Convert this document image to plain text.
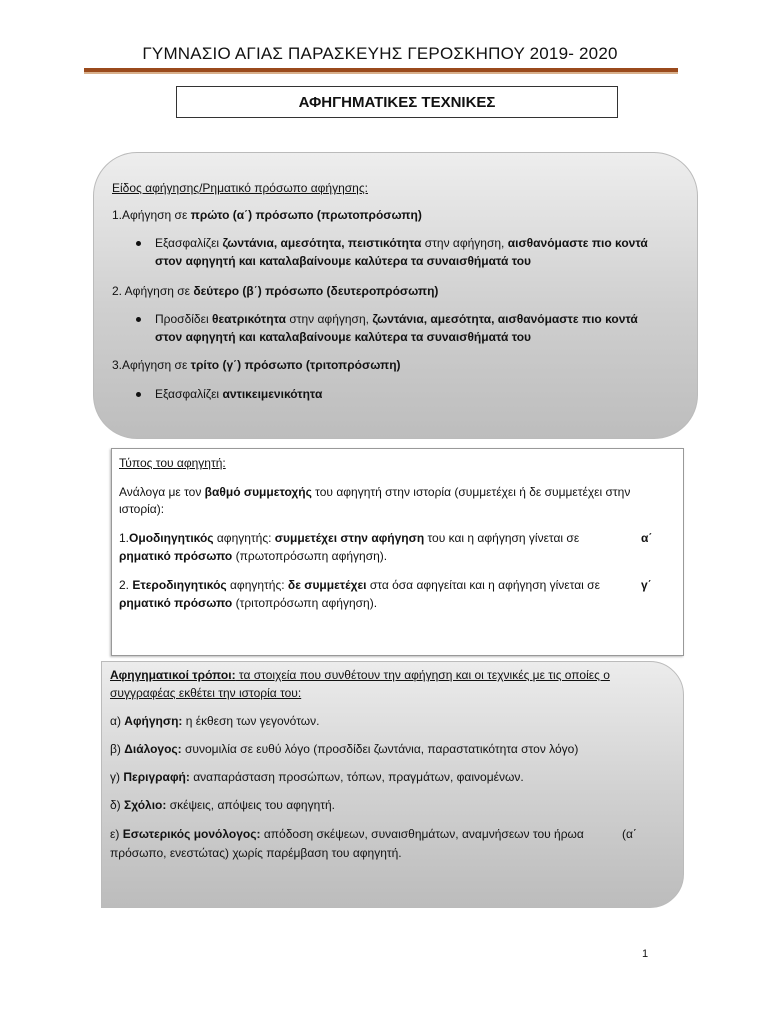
ΓΥΜΝΑΣΙΟ ΑΓΙΑΣ ΠΑΡΑΣΚΕΥΗΣ ΓΕΡΟΣΚΗΠΟΥ 2019- 2020
ΑΦΗΓΗΜΑΤΙΚΕΣ ΤΕΧΝΙΚΕΣ
Είδος αφήγησης/Ρηματικό πρόσωπο αφήγησης:
1.Αφήγηση σε πρώτο (α΄) πρόσωπο (πρωτοπρόσωπη)
Εξασφαλίζει ζωντάνια, αμεσότητα, πειστικότητα στην αφήγηση, αισθανόμαστε πιο κοντά
στον αφηγητή και καταλαβαίνουμε καλύτερα τα συναισθήματά του
2. Αφήγηση σε δεύτερο (β΄) πρόσωπο (δευτεροπρόσωπη)
Προσδίδει θεατρικότητα στην αφήγηση, ζωντάνια, αμεσότητα, αισθανόμαστε πιο κοντά
στον αφηγητή και καταλαβαίνουμε καλύτερα τα συναισθήματά του
3.Αφήγηση σε τρίτο (γ΄) πρόσωπο (τριτοπρόσωπη)
Εξασφαλίζει αντικειμενικότητα
Τύπος του αφηγητή:
Ανάλογα με τον βαθμό συμμετοχής του αφηγητή στην ιστορία (συμμετέχει ή δε συμμετέχει στην
ιστορία):
1.Ομοδιηγητικός αφηγητής: συμμετέχει στην αφήγηση του και η αφήγηση γίνεται σε	α΄
ρηματικό πρόσωπο (πρωτοπρόσωπη αφήγηση).
2. Ετεροδιηγητικός αφηγητής: δε συμμετέχει στα όσα αφηγείται και η αφήγηση γίνεται σε	γ΄
ρηματικό πρόσωπο (τριτοπρόσωπη αφήγηση).
Αφηγηματικοί τρόποι: τα στοιχεία που συνθέτουν την αφήγηση και οι τεχνικές με τις οποίες ο
συγγραφέας εκθέτει την ιστορία του:
α) Αφήγηση: η έκθεση των γεγονότων.
β) Διάλογος: συνομιλία σε ευθύ λόγο (προσδίδει ζωντάνια, παραστατικότητα στον λόγο)
γ) Περιγραφή: αναπαράσταση προσώπων, τόπων, πραγμάτων, φαινομένων.
δ) Σχόλιο: σκέψεις, απόψεις του αφηγητή.
ε) Εσωτερικός μονόλογος: απόδοση σκέψεων, συναισθημάτων, αναμνήσεων του ήρωα	(α΄
πρόσωπο, ενεστώτας) χωρίς παρέμβαση του αφηγητή.
1
